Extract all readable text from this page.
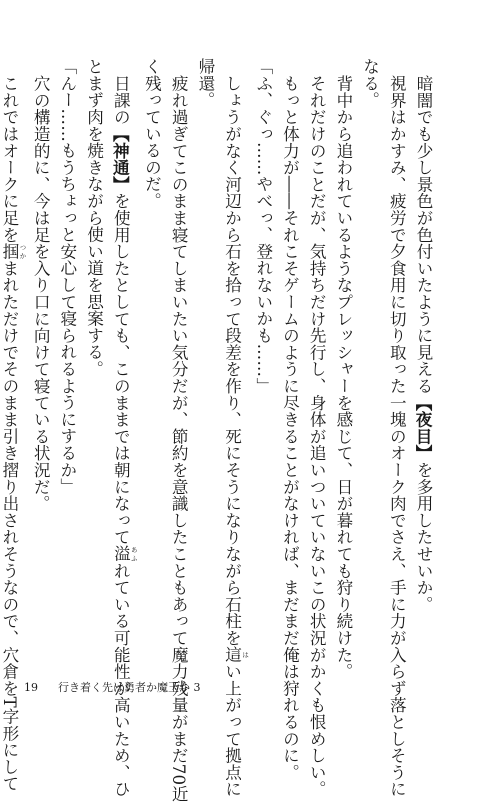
暗闇でも少し景色が色付いたように見える【夜目】を多用したせいか。
視界はかすみ、疲労で夕食用に切り取った一塊のオーク肉でさえ、手に力が入らず落としそうに
なる。
背中から追われているようなプレッシャーを感じて、日が暮れても狩り続けた。
それだけのことだが、気持ちだけ先行し、身体が追いついていないこの状況がかくも恨めしい。
もっと体力が――それこそゲームのように尽きることがなければ、まだまだ俺は狩れるのに。
「ふ、ぐっ……やべっ、登れないかも……」
しょうがなく河辺から石を拾って段差を作り、死にそうになりながら石柱を這 はい上がって拠点に
帰還。
疲れ過ぎてこのまま寝てしまいたい気分だが、節約を意識したこともあって魔力残量がまだ70近
く残っているのだ。
日課の【神通】を使用したとしても、このままでは朝になって溢 あふれている可能性が高いため、ひ
とまず肉を焼きながら使い道を思案する。
「んー……もうちょっと安心して寝られるようにするか」
穴の構造的に、今は足を入り口に向けて寝ている状況だ。
これではオークに足を掴 つかまれただけでそのまま引き摺り出されそうなので、穴倉をT字形にして 19 行き着く先は勇者か魔王か 3
